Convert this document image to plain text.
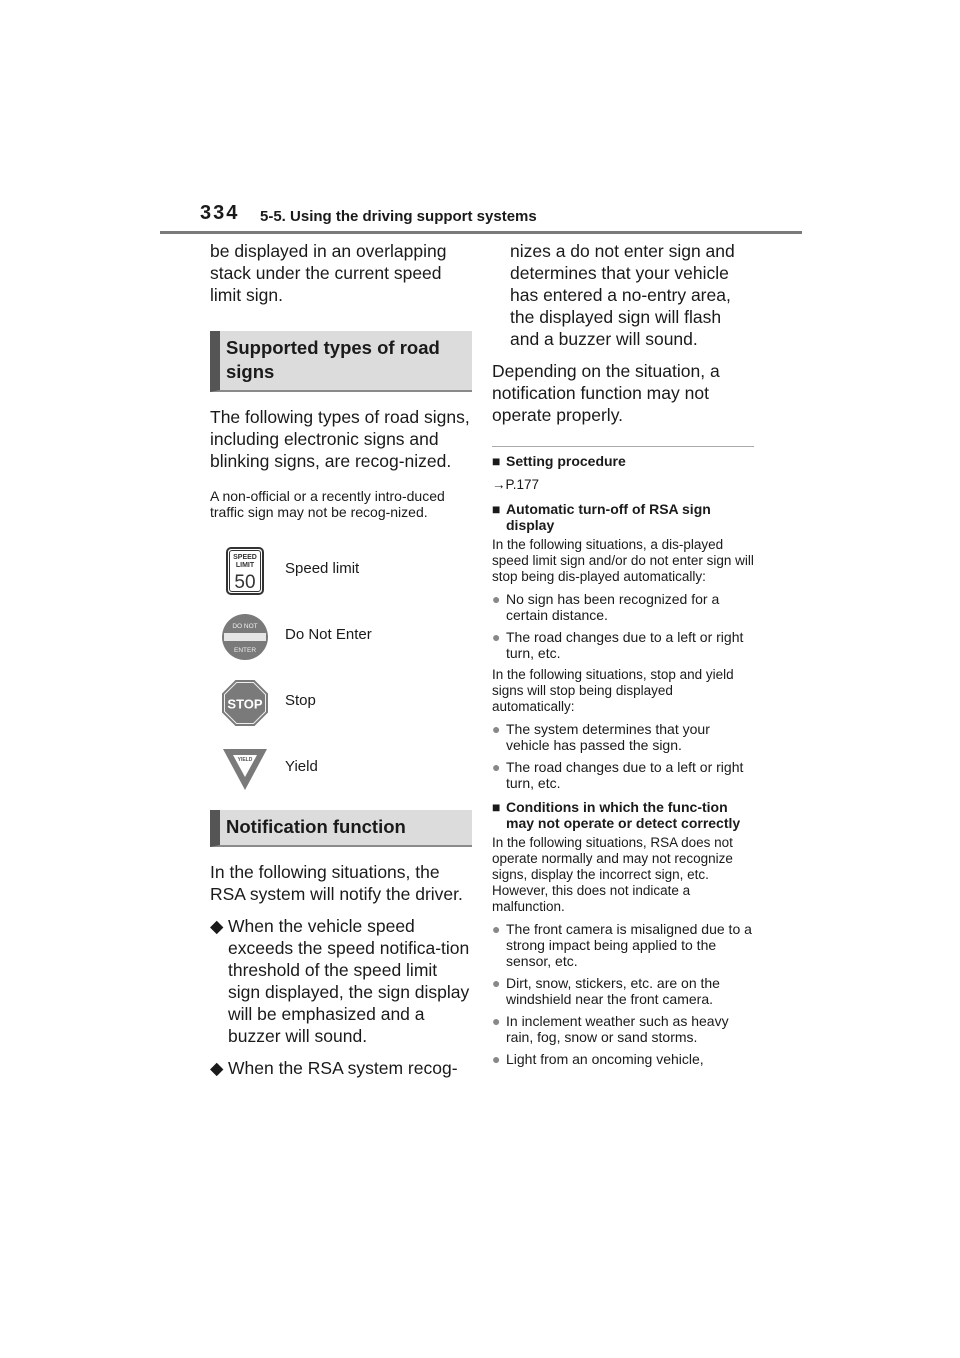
334 5-5. Using the driving support systems

be displayed in an overlapping stack under the current speed limit sign.

Supported types of road signs

The following types of road signs, including electronic signs and blinking signs, are recog-nized.

A non-official or a recently intro-duced traffic sign may not be recog-nized.

SPEED
LIMIT
50
Speed limit
DO NOT
ENTER
Do Not Enter
STOP Stop
YIELD Yield
Notification function

In the following situations, the RSA system will notify the driver.

◆ When the vehicle speed exceeds the speed notifica-tion threshold of the speed limit sign displayed, the sign display will be emphasized and a buzzer will sound.
◆ When the RSA system recog-

nizes a do not enter sign and determines that your vehicle has entered a no-entry area, the displayed sign will flash and a buzzer will sound.

Depending on the situation, a notification function may not operate properly.

■ Setting procedure
→P.177
■ Automatic turn-off of RSA sign display

In the following situations, a dis-played speed limit sign and/or do not enter sign will stop being dis-played automatically:

● No sign has been recognized for a certain distance.
● The road changes due to a left or right turn, etc.

In the following situations, stop and yield signs will stop being displayed automatically:

● The system determines that your vehicle has passed the sign.
● The road changes due to a left or right turn, etc.
■ Conditions in which the func-tion may not operate or detect correctly

In the following situations, RSA does not operate normally and may not recognize signs, display the incorrect sign, etc. However, this does not indicate a malfunction.

● The front camera is misaligned due to a strong impact being applied to the sensor, etc.
● Dirt, snow, stickers, etc. are on the windshield near the front camera.
● In inclement weather such as heavy rain, fog, snow or sand storms.
● Light from an oncoming vehicle,
